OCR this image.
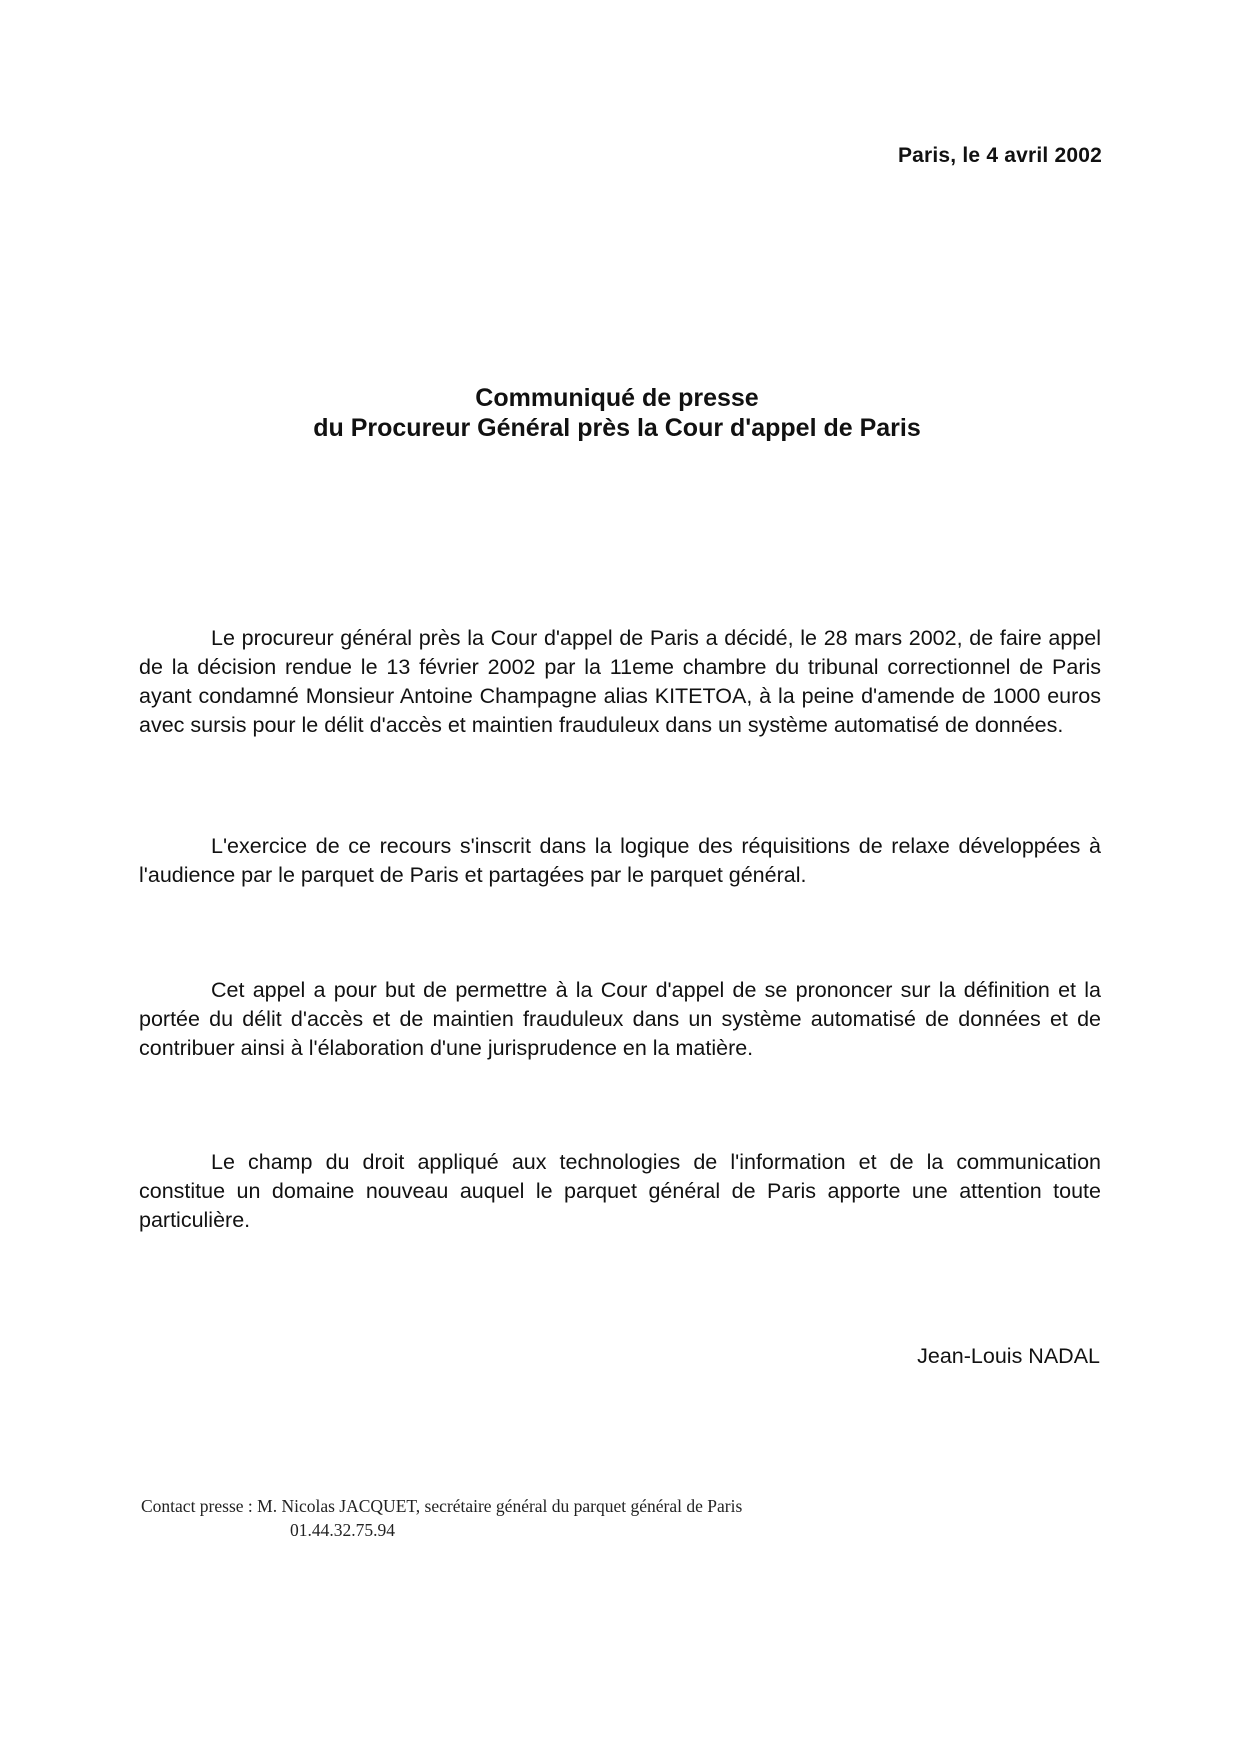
Paris, le 4 avril 2002
Communiqué de presse
du Procureur Général près la Cour d'appel de Paris

Le procureur général près la Cour d'appel de Paris a décidé, le 28 mars 2002, de faire appel de la décision rendue le 13 février 2002 par la 11eme chambre du tribunal correctionnel de Paris ayant condamné Monsieur Antoine Champagne alias KITETOA, à la peine d'amende de 1000 euros avec sursis pour le délit d'accès et maintien frauduleux dans un système automatisé de données.

L'exercice de ce recours s'inscrit dans la logique des réquisitions de relaxe développées à l'audience par le parquet de Paris et partagées par le parquet général.

Cet appel a pour but de permettre à la Cour d'appel de se prononcer sur la définition et la portée du délit d'accès et de maintien frauduleux dans un système automatisé de données et de contribuer ainsi à l'élaboration d'une jurisprudence en la matière.

Le champ du droit appliqué aux technologies de l'information et de la communication constitue un domaine nouveau auquel le parquet général de Paris apporte une attention toute particulière.

Jean-Louis NADAL
Contact presse : M. Nicolas JACQUET, secrétaire général du parquet général de Paris
01.44.32.75.94
